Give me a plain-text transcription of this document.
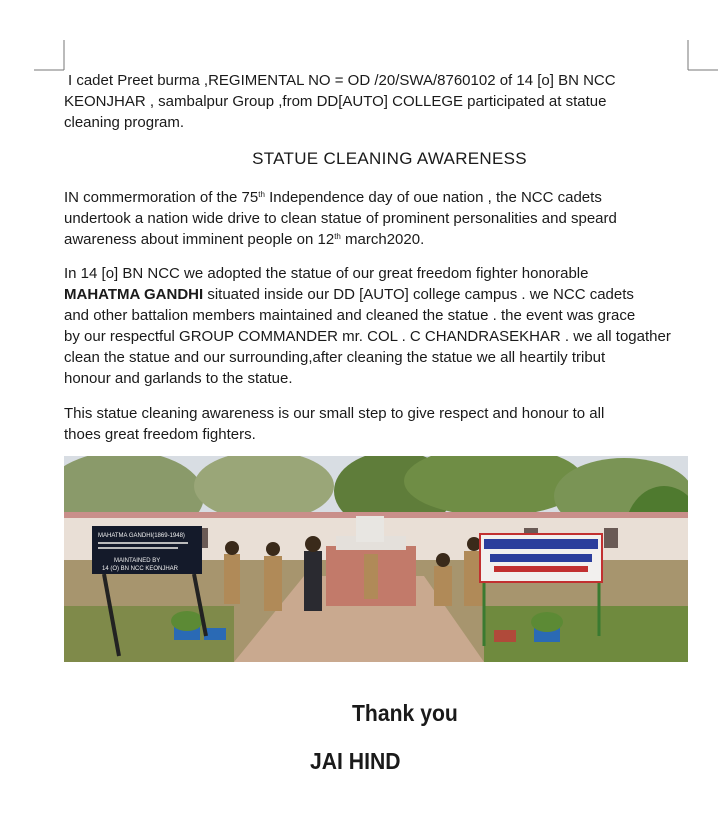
I cadet Preet burma ,REGIMENTAL NO = OD /20/SWA/8760102 of 14 [o] BN NCC
KEONJHAR , sambalpur Group ,from DD[AUTO] COLLEGE participated at statue
cleaning program.
STATUE CLEANING AWARENESS
IN commermoration of the 75th Independence day of oue nation , the NCC cadets
undertook a nation wide drive to clean statue of prominent personalities and speard
awareness about imminent people on 12th march2020.
In 14 [o] BN NCC we adopted the statue of our great freedom fighter honorable
MAHATMA GANDHI situated inside our DD [AUTO] college campus . we NCC cadets
and other battalion members maintained and cleaned the statue . the event was grace
by our respectful GROUP COMMANDER mr. COL . C CHANDRASEKHAR . we all togather
clean the statue and our surrounding,after cleaning the statue we all heartily tribut
honour and garlands to the statue.
This statue cleaning awareness is our small step to give respect and honour to all
thoes great freedom fighters.
MAHATMA GANDHI(1869-1948)
MAINTAINED BY
14 (O) BN NCC KEONJHAR
Thank you
JAI HIND
